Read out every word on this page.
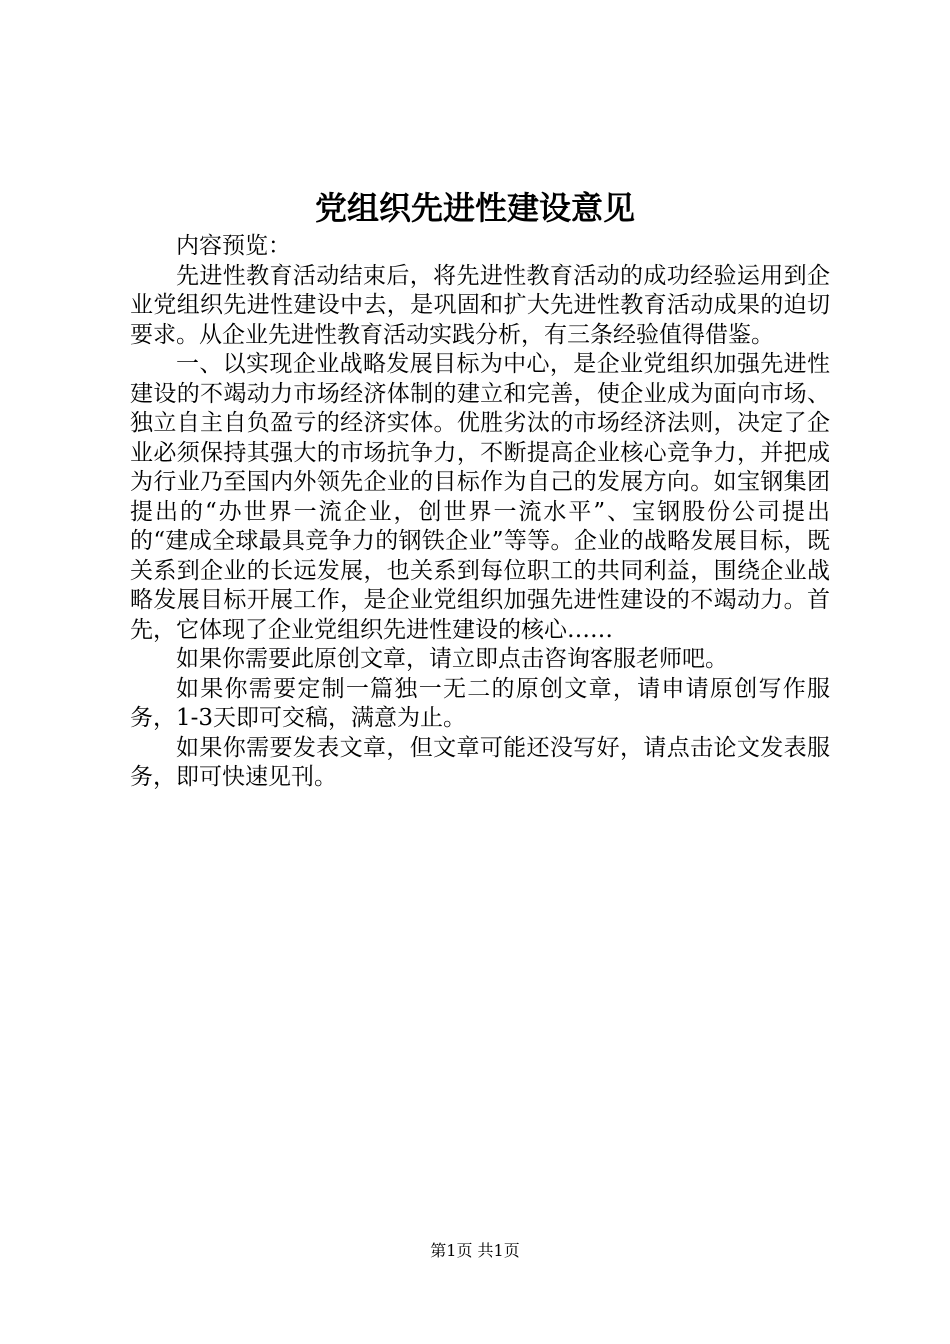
党组织先进性建设意见

内容预览：

先进性教育活动结束后，将先进性教育活动的成功经验运用到企业党组织先进性建设中去，是巩固和扩大先进性教育活动成果的迫切要求。从企业先进性教育活动实践分析，有三条经验值得借鉴。

一、以实现企业战略发展目标为中心，是企业党组织加强先进性建设的不竭动力市场经济体制的建立和完善，使企业成为面向市场、独立自主自负盈亏的经济实体。优胜劣汰的市场经济法则，决定了企业必须保持其强大的市场抗争力，不断提高企业核心竞争力，并把成为行业乃至国内外领先企业的目标作为自己的发展方向。如宝钢集团提出的“办世界一流企业，创世界一流水平”、宝钢股份公司提出的“建成全球最具竞争力的钢铁企业”等等。企业的战略发展目标，既关系到企业的长远发展，也关系到每位职工的共同利益，围绕企业战略发展目标开展工作，是企业党组织加强先进性建设的不竭动力。首先，它体现了企业党组织先进性建设的核心……

如果你需要此原创文章，请立即点击咨询客服老师吧。

如果你需要定制一篇独一无二的原创文章，请申请原创写作服务，1-3天即可交稿，满意为止。

如果你需要发表文章，但文章可能还没写好，请点击论文发表服务，即可快速见刊。

第1页 共1页
